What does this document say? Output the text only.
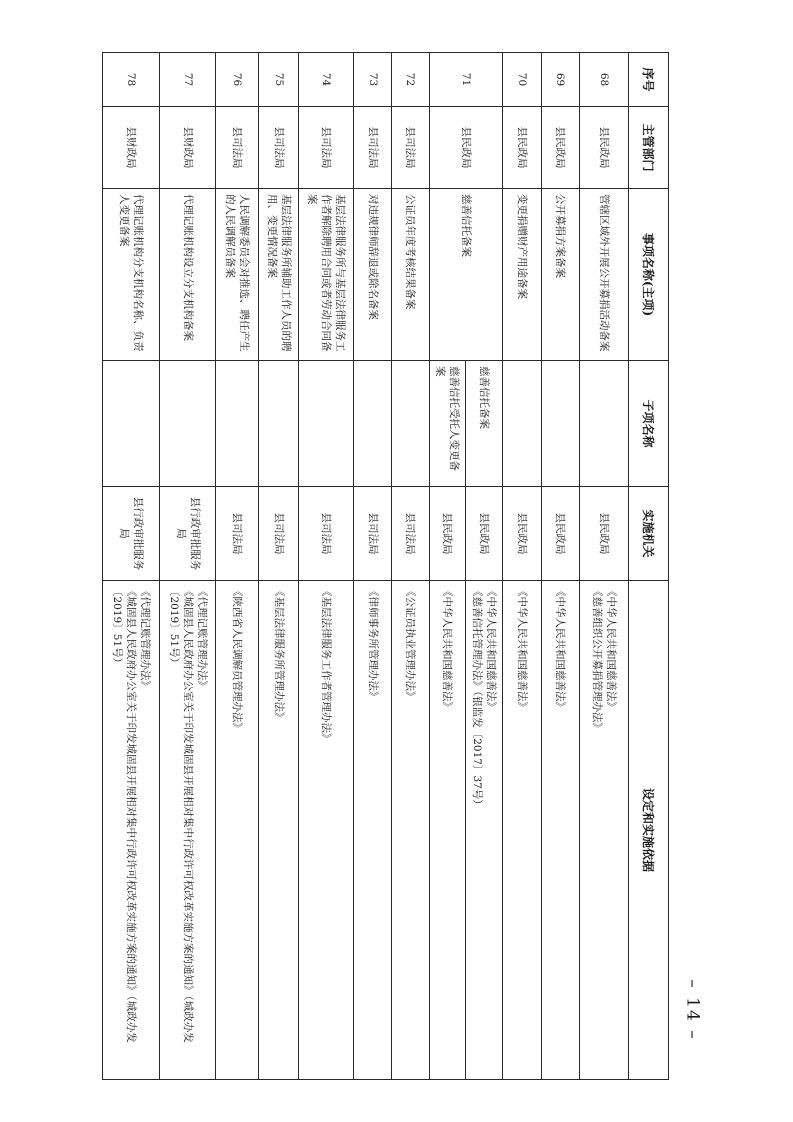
序号	主管部门	事项名称(主项)	子项名称	实施机关	设定和实施依据
68	县民政局	管辖区域外开展公开募捐活动备案		县民政局	《中华人民共和国慈善法》
《慈善组织公开募捐管理办法》

69	县民政局	公开募捐方案备案		县民政局	《中华人民共和国慈善法》
70	县民政局	变更捐赠财产用途备案		县民政局	《中华人民共和国慈善法》
71	县民政局	慈善信托备案	慈善信托备案	县民政局	《中华人民共和国慈善法》
《慈善信托管理办法》（银监发〔2017〕37号）

			慈善信托受托人变更备案	县民政局	《中华人民共和国慈善法》
72	县司法局	公证员年度考核结果备案		县司法局	《公证员执业管理办法》
73	县司法局	对违规律师辞退或除名备案		县司法局	《律师事务所管理办法》
74	县司法局	基层法律服务所与基层法律服务工作者解除聘用合同或者劳动合同备案		县司法局	《基层法律服务工作者管理办法》
75	县司法局	基层法律服务所辅助工作人员的聘用、变更情况备案		县司法局	《基层法律服务所管理办法》
76	县司法局	人民调解委员会对推选、聘任产生的人民调解员备案		县司法局	《陕西省人民调解员管理办法》
77	县财政局	代理记账机构设立分支机构备案		县行政审批服务局	《代理记账管理办法》
《城固县人民政府办公室关于印发城固县开展相对集中行政许可权改革实施方案的通知》（城政办发〔2019〕51号）

78	县财政局	代理记账机构分支机构名称、负责人变更备案		县行政审批服务局	《代理记账管理办法》
《城固县人民政府办公室关于印发城固县开展相对集中行政许可权改革实施方案的通知》（城政办发〔2019〕51号）
– 14 –
